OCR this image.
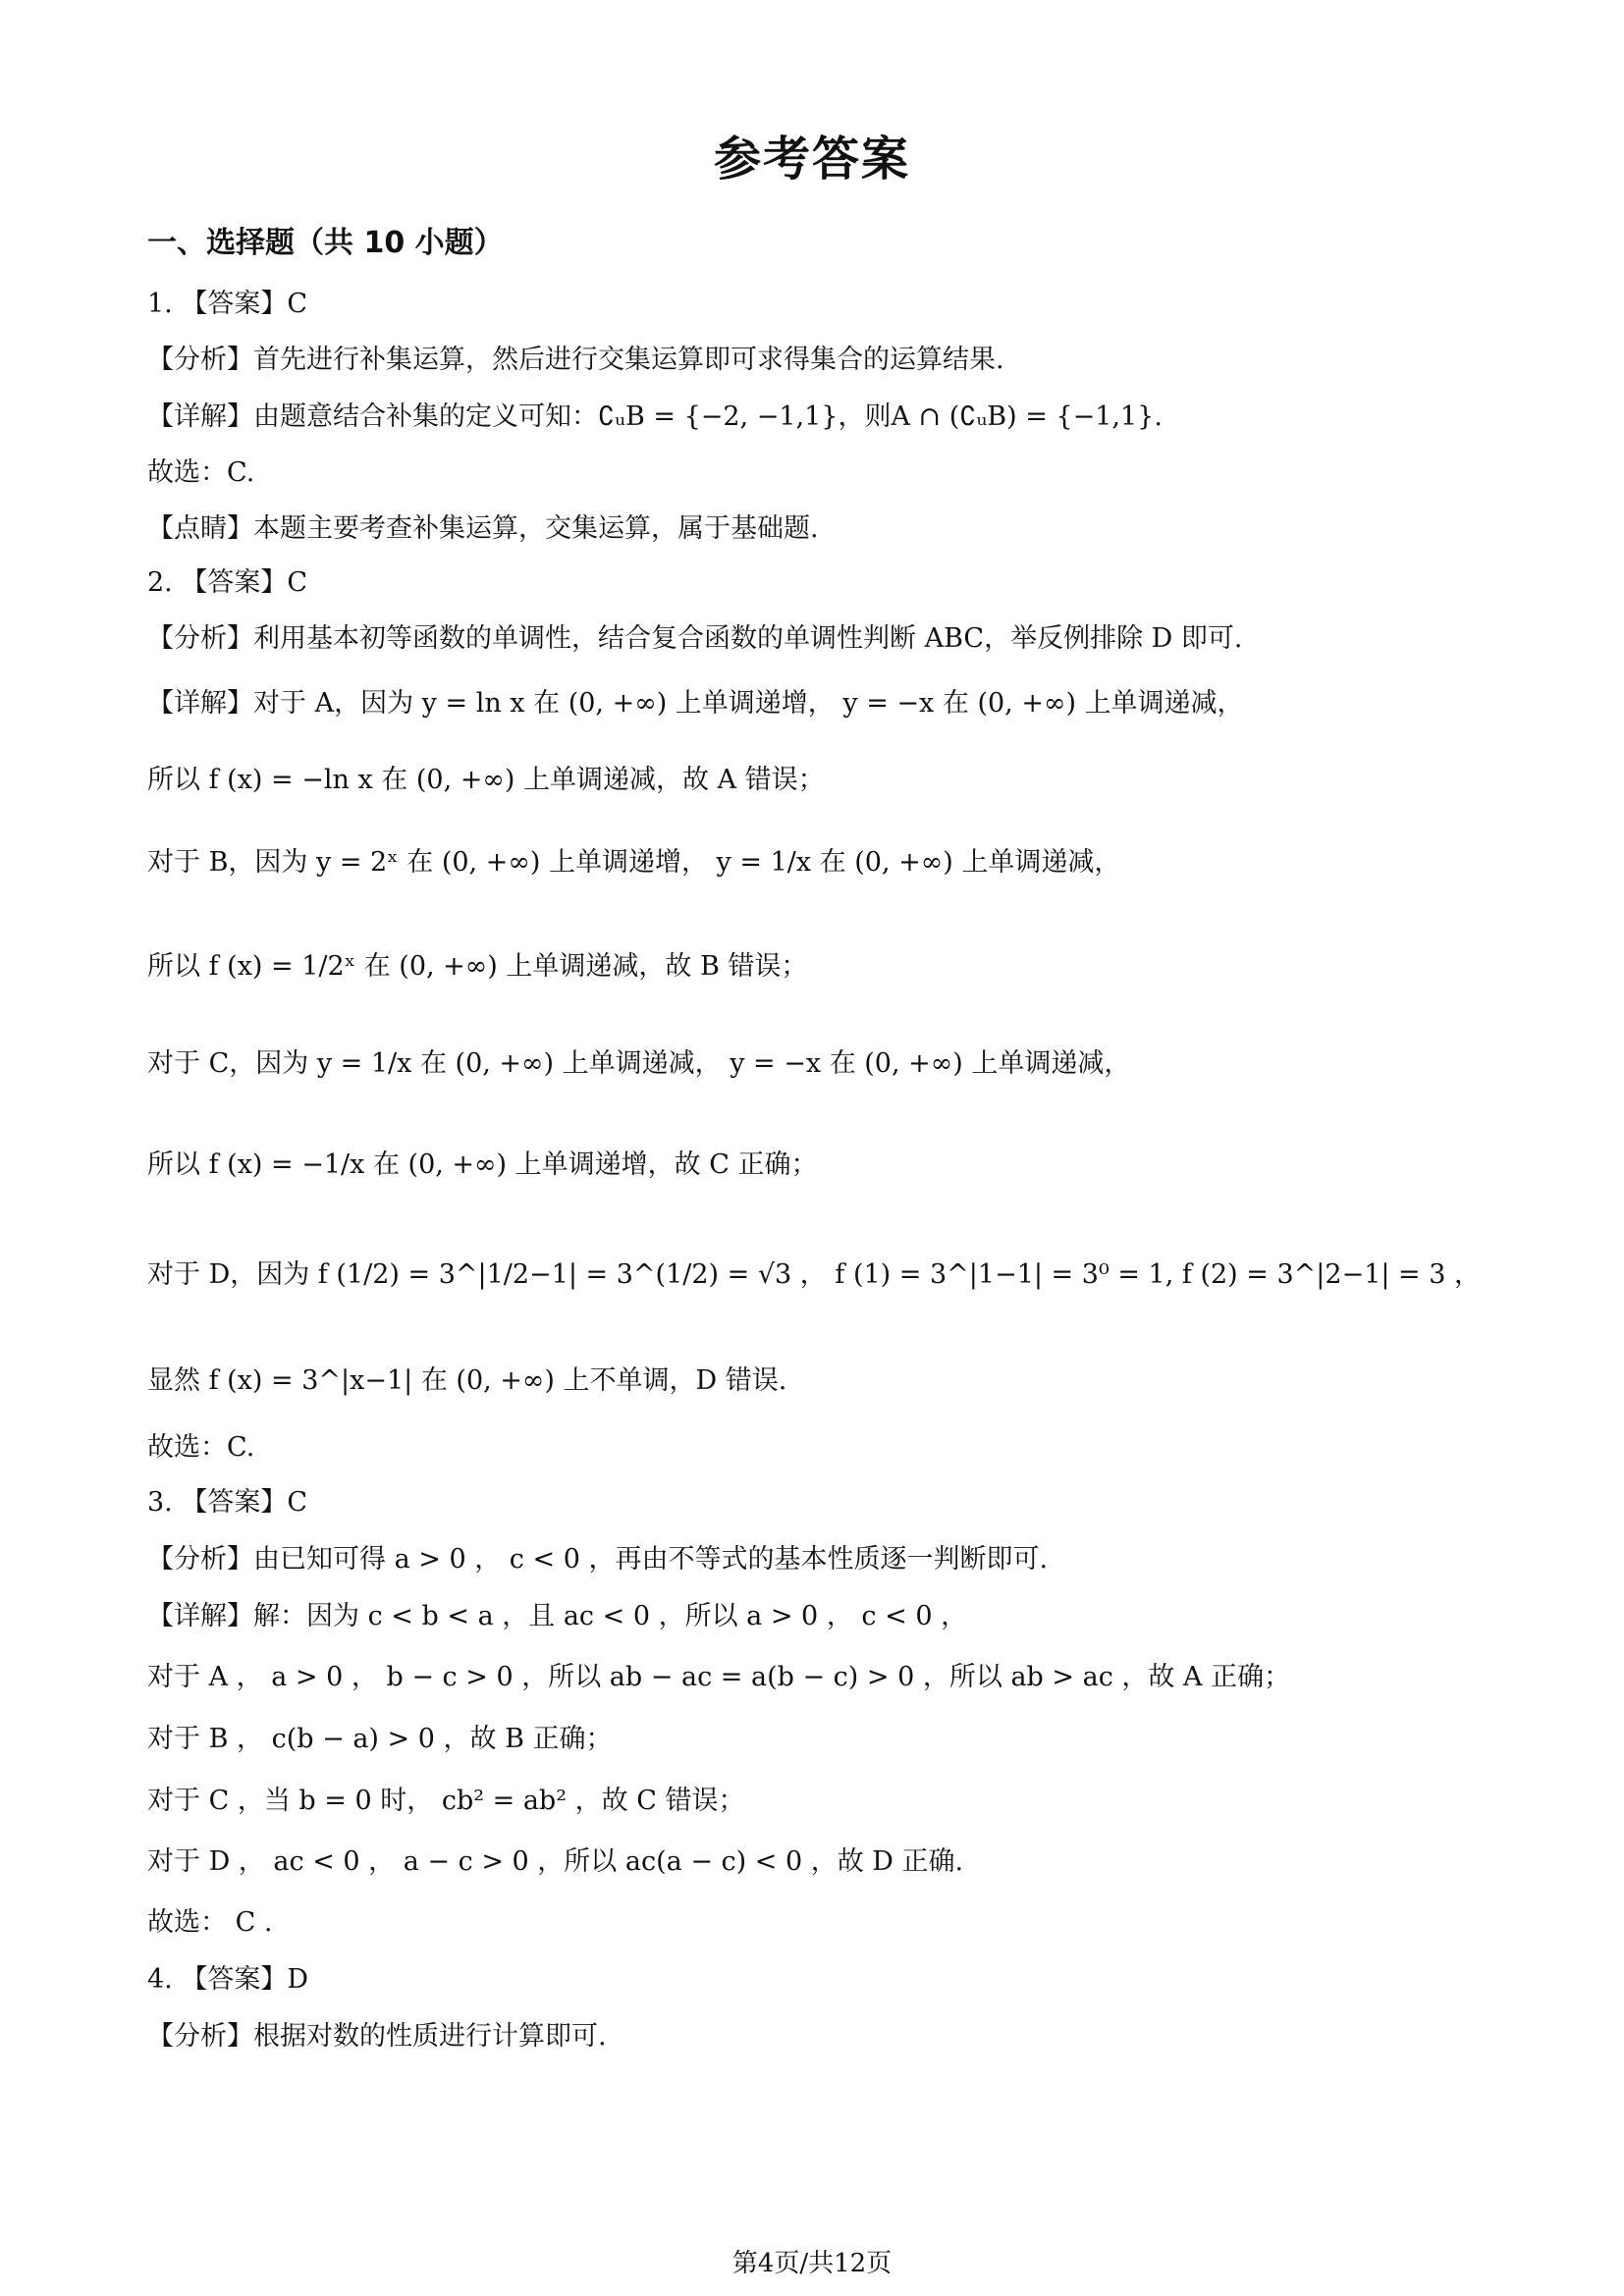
参考答案
一、选择题（共 10 小题）
1. 【答案】C
【分析】首先进行补集运算，然后进行交集运算即可求得集合的运算结果.
【详解】由题意结合补集的定义可知：∁ᵤB = {−2, −1,1}，则A ∩ (∁ᵤB) = {−1,1}.
故选：C.
【点睛】本题主要考查补集运算，交集运算，属于基础题.
2. 【答案】C
【分析】利用基本初等函数的单调性，结合复合函数的单调性判断 ABC，举反例排除 D 即可.
【详解】对于 A，因为 y = ln x 在 (0, +∞) 上单调递增， y = −x 在 (0, +∞) 上单调递减，
所以 f (x) = −ln x 在 (0, +∞) 上单调递减，故 A 错误；
对于 B，因为 y = 2ˣ 在 (0, +∞) 上单调递增， y = 1/x 在 (0, +∞) 上单调递减，
所以 f (x) = 1/2ˣ 在 (0, +∞) 上单调递减，故 B 错误；
对于 C，因为 y = 1/x 在 (0, +∞) 上单调递减， y = −x 在 (0, +∞) 上单调递减，
所以 f (x) = −1/x 在 (0, +∞) 上单调递增，故 C 正确；
对于 D，因为 f (1/2) = 3^|1/2−1| = 3^(1/2) = √3 ， f (1) = 3^|1−1| = 3⁰ = 1, f (2) = 3^|2−1| = 3 ，
显然 f (x) = 3^|x−1| 在 (0, +∞) 上不单调，D 错误.
故选：C.
3. 【答案】C
【分析】由已知可得 a > 0 ， c < 0 ，再由不等式的基本性质逐一判断即可.
【详解】解：因为 c < b < a ，且 ac < 0 ，所以 a > 0 ， c < 0 ，
对于 A ， a > 0 ， b − c > 0 ，所以 ab − ac = a(b − c) > 0 ，所以 ab > ac ，故 A 正确；
对于 B ， c(b − a) > 0 ，故 B 正确；
对于 C ，当 b = 0 时， cb² = ab² ，故 C 错误；
对于 D ， ac < 0 ， a − c > 0 ，所以 ac(a − c) < 0 ，故 D 正确.
故选： C .
4. 【答案】D
【分析】根据对数的性质进行计算即可.
第4页/共12页
